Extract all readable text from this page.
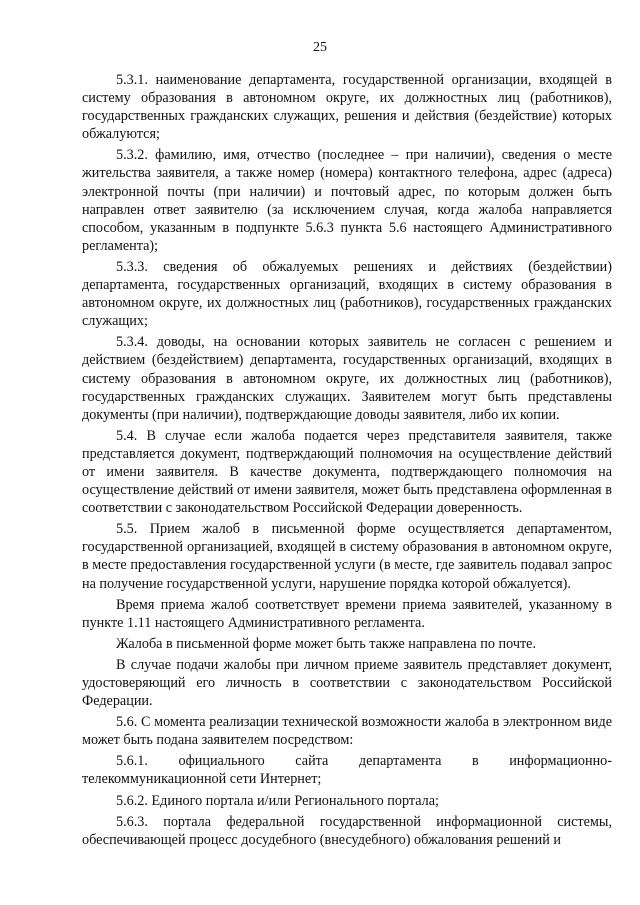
25

5.3.1. наименование департамента, государственной организации, входящей в систему образования в автономном округе, их должностных лиц (работников), государственных гражданских служащих, решения и действия (бездействие) которых обжалуются;

5.3.2. фамилию, имя, отчество (последнее – при наличии), сведения о месте жительства заявителя, а также номер (номера) контактного телефона, адрес (адреса) электронной почты (при наличии) и почтовый адрес, по которым должен быть направлен ответ заявителю (за исключением случая, когда жалоба направляется способом, указанным в подпункте 5.6.3 пункта 5.6 настоящего Административного регламента);

5.3.3. сведения об обжалуемых решениях и действиях (бездействии) департамента, государственных организаций, входящих в систему образования в автономном округе, их должностных лиц (работников), государственных гражданских служащих;

5.3.4. доводы, на основании которых заявитель не согласен с решением и действием (бездействием) департамента, государственных организаций, входящих в систему образования в автономном округе, их должностных лиц (работников), государственных гражданских служащих. Заявителем могут быть представлены документы (при наличии), подтверждающие доводы заявителя, либо их копии.

5.4. В случае если жалоба подается через представителя заявителя, также представляется документ, подтверждающий полномочия на осуществление действий от имени заявителя. В качестве документа, подтверждающего полномочия на осуществление действий от имени заявителя, может быть представлена оформленная в соответствии с законодательством Российской Федерации доверенность.

5.5. Прием жалоб в письменной форме осуществляется департаментом, государственной организацией, входящей в систему образования в автономном округе, в месте предоставления государственной услуги (в месте, где заявитель подавал запрос на получение государственной услуги, нарушение порядка которой обжалуется).

Время приема жалоб соответствует времени приема заявителей, указанному в пункте 1.11 настоящего Административного регламента.

Жалоба в письменной форме может быть также направлена по почте.

В случае подачи жалобы при личном приеме заявитель представляет документ, удостоверяющий его личность в соответствии с законодательством Российской Федерации.

5.6. С момента реализации технической возможности жалоба в электронном виде может быть подана заявителем посредством:

5.6.1. официального сайта департамента в информационно-телекоммуникационной сети Интернет;

5.6.2. Единого портала и/или Регионального портала;

5.6.3. портала федеральной государственной информационной системы, обеспечивающей процесс досудебного (внесудебного) обжалования решений и
